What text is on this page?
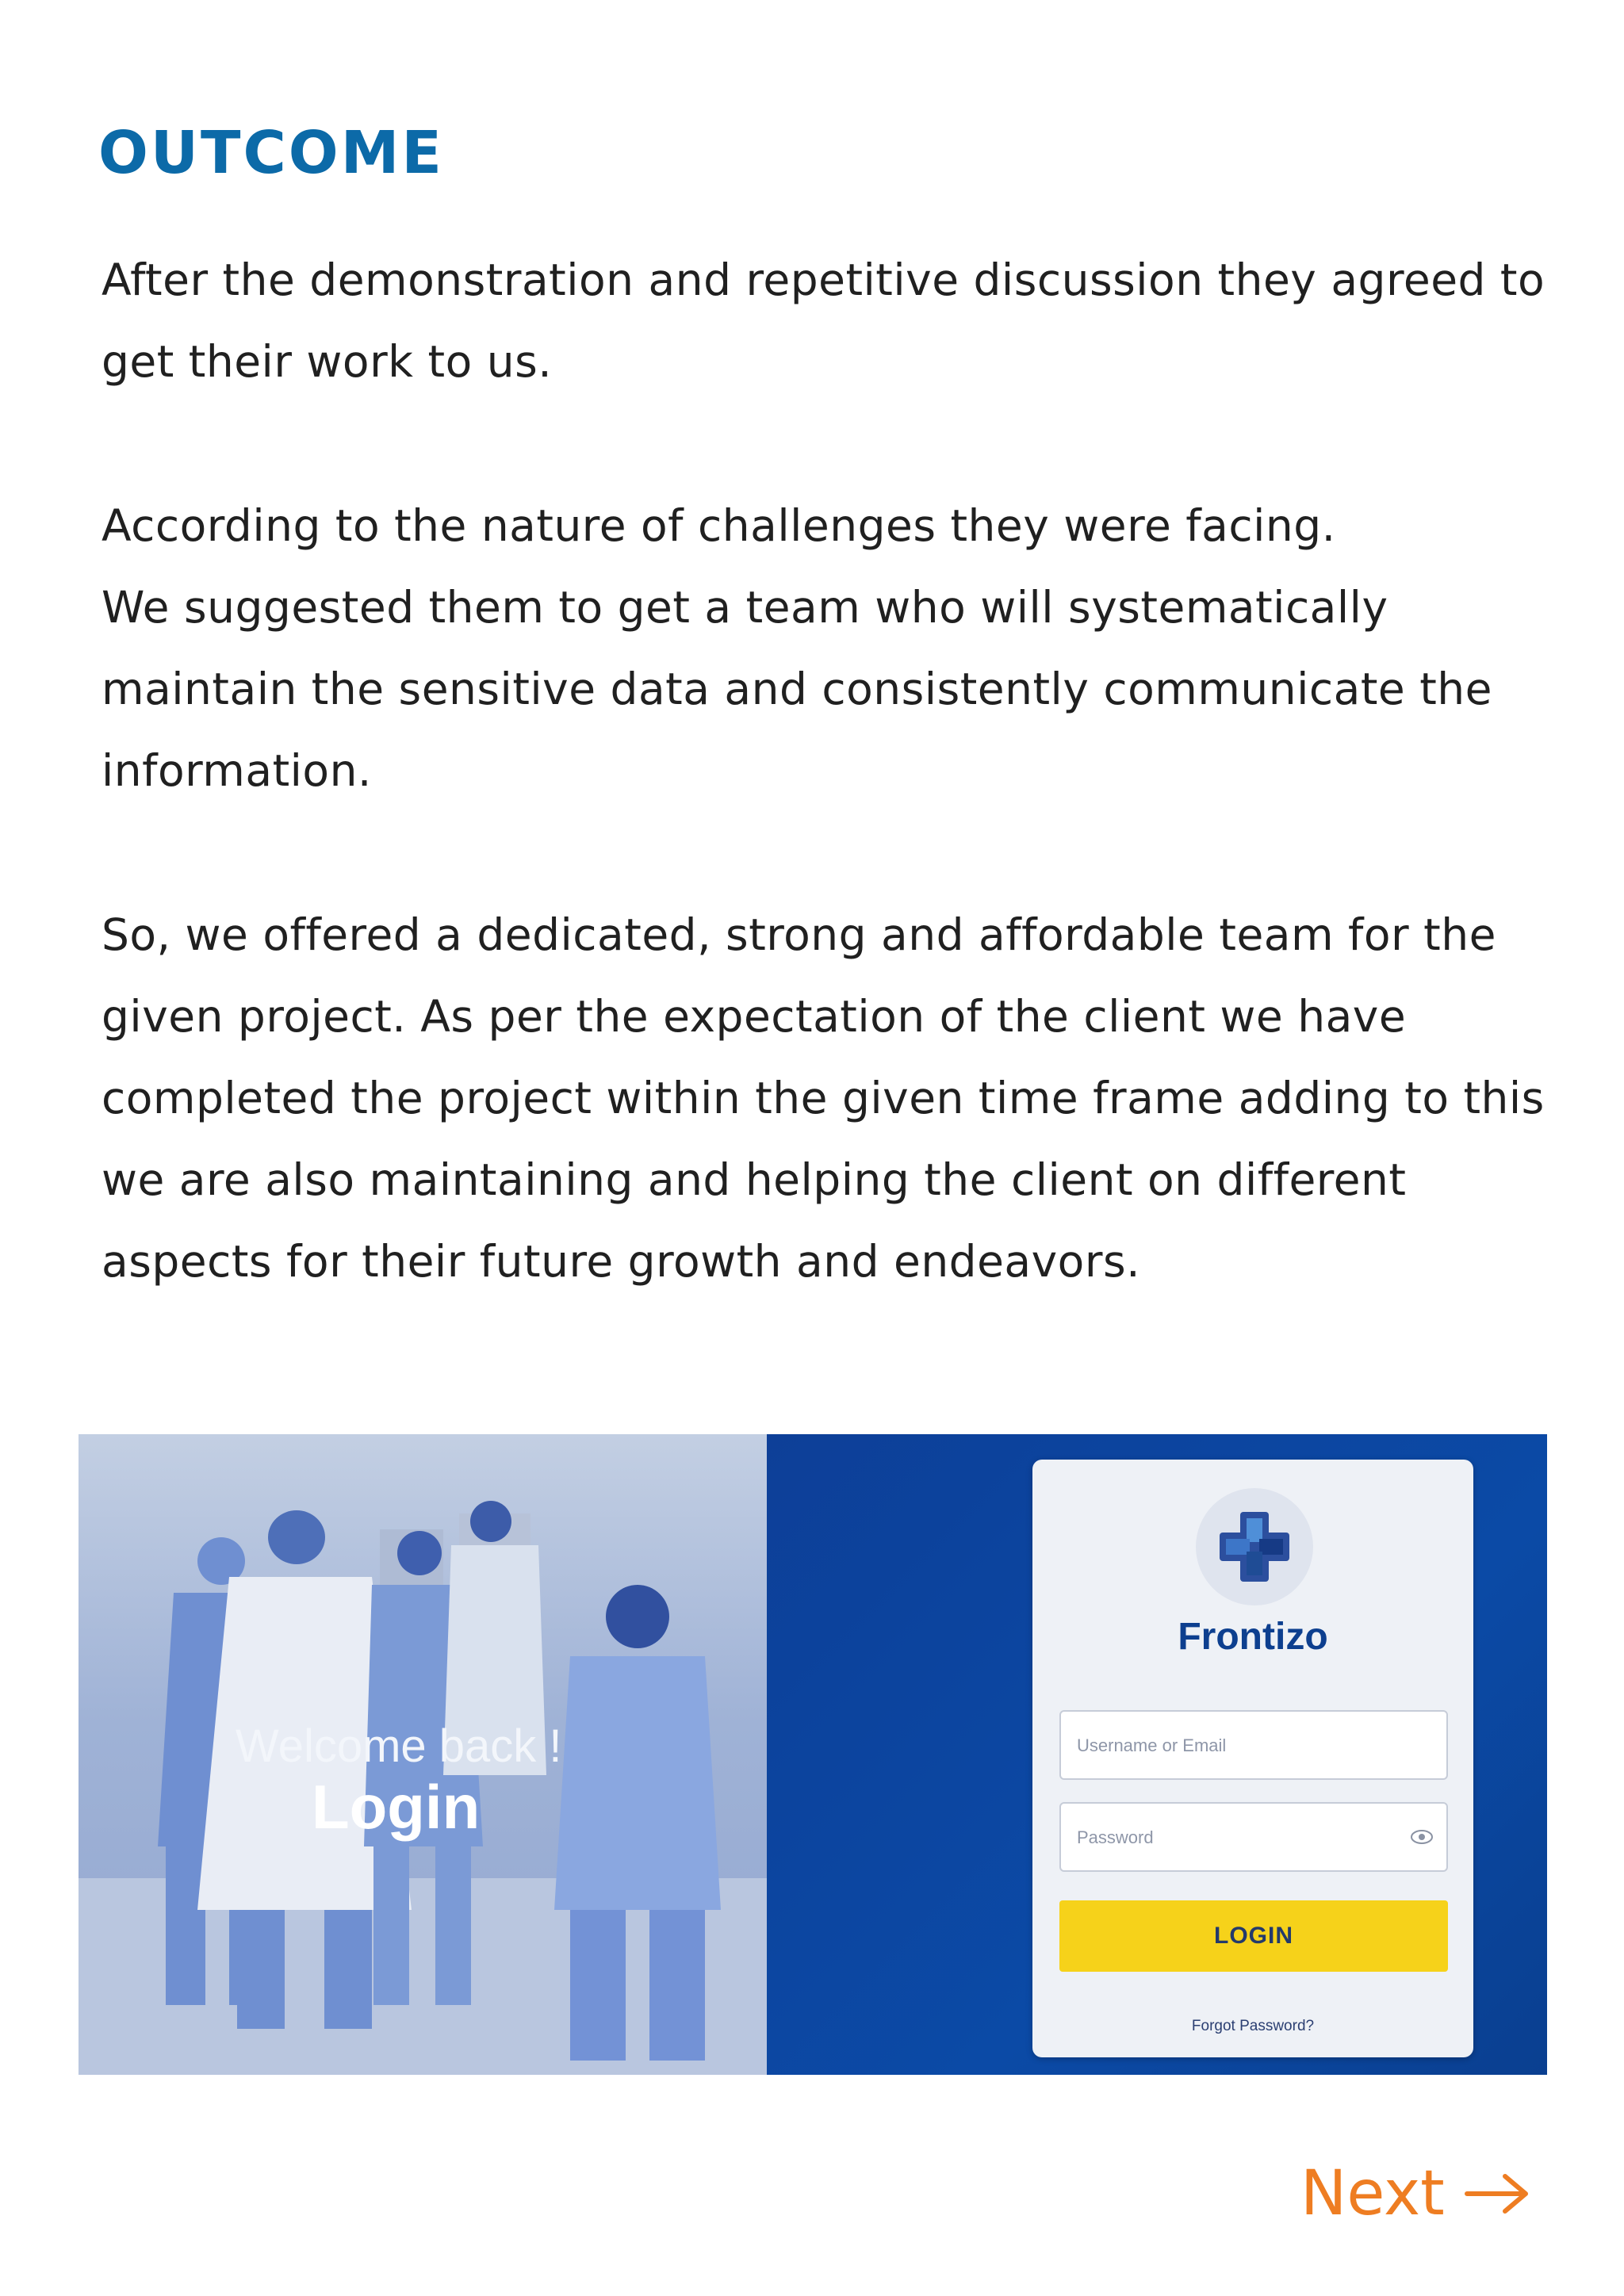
OUTCOME

After the demonstration and repetitive discussion they agreed to get their work to us.

According to the nature of challenges they were facing.
We suggested them to get a team who will systematically maintain the sensitive data and consistently communicate the information.

So, we offered a dedicated, strong and affordable team for the given project. As per the expectation of the client we have completed the project within the given time frame adding to this we are also maintaining and helping the client on different aspects for their future growth and endeavors.

Welcome back !

Login

Frontizo

Username or Email
LOGIN
Forgot Password?
Next
